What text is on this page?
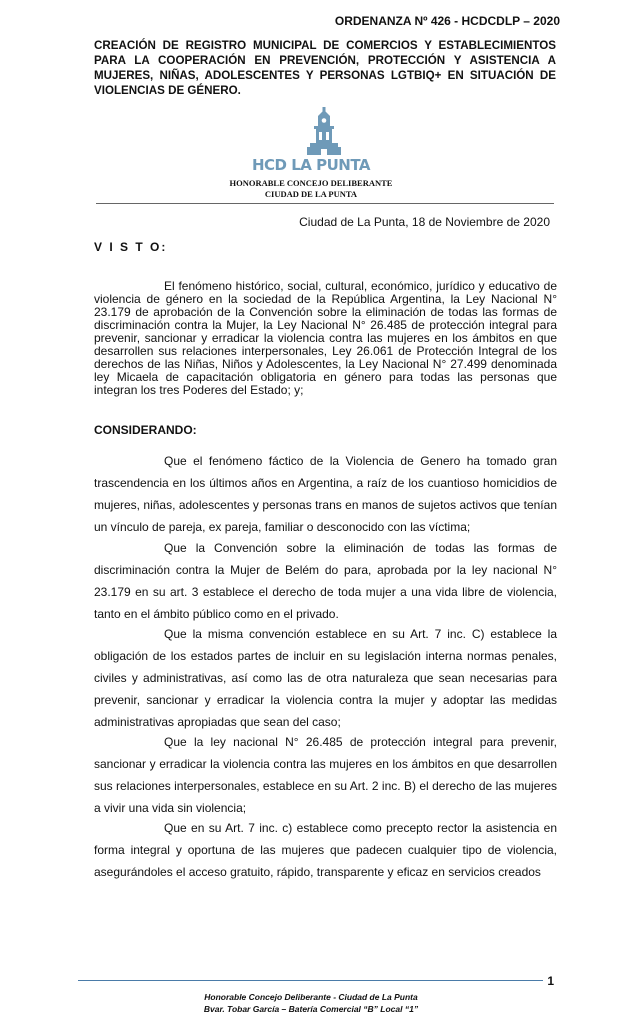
ORDENANZA Nº 426 - HCDCDLP – 2020
CREACIÓN DE REGISTRO MUNICIPAL DE COMERCIOS Y ESTABLECIMIENTOS PARA LA COOPERACIÓN EN PREVENCIÓN, PROTECCIÓN Y ASISTENCIA A MUJERES, NIÑAS, ADOLESCENTES Y PERSONAS LGTBIQ+ EN SITUACIÓN DE VIOLENCIAS DE GÉNERO.
HCD LA PUNTA
HONORABLE CONCEJO DELIBERANTE
CIUDAD DE LA PUNTA
Ciudad de La Punta, 18 de Noviembre de 2020
V I S T O:

El fenómeno histórico, social, cultural, económico, jurídico y educativo de violencia de género en la sociedad de la República Argentina, la Ley Nacional N° 23.179 de aprobación de la Convención sobre la eliminación de todas las formas de discriminación contra la Mujer, la Ley Nacional N° 26.485 de protección integral para prevenir, sancionar y erradicar la violencia contra las mujeres en los ámbitos en que desarrollen sus relaciones interpersonales, Ley 26.061 de Protección Integral de los derechos de las Niñas, Niños y Adolescentes, la Ley Nacional N° 27.499 denominada ley Micaela de capacitación obligatoria en género para todas las personas que integran los tres Poderes del Estado; y;

CONSIDERANDO:

Que el fenómeno fáctico de la Violencia de Genero ha tomado gran trascendencia en los últimos años en Argentina, a raíz de los cuantioso homicidios de mujeres, niñas, adolescentes y personas trans en manos de sujetos activos que tenían un vínculo de pareja, ex pareja, familiar o desconocido con las víctima;

Que la Convención sobre la eliminación de todas las formas de discriminación contra la Mujer de Belém do para, aprobada por la ley nacional N° 23.179 en su art. 3 establece el derecho de toda mujer a una vida libre de violencia, tanto en el ámbito público como en el privado.

Que la misma convención establece en su Art. 7 inc. C) establece la obligación de los estados partes de incluir en su legislación interna normas penales, civiles y administrativas, así como las de otra naturaleza que sean necesarias para prevenir, sancionar y erradicar la violencia contra la mujer y adoptar las medidas administrativas apropiadas que sean del caso;

Que la ley nacional N° 26.485 de protección integral para prevenir, sancionar y erradicar la violencia contra las mujeres en los ámbitos en que desarrollen sus relaciones interpersonales, establece en su Art. 2 inc. B) el derecho de las mujeres a vivir una vida sin violencia;

Que en su Art. 7 inc. c) establece como precepto rector la asistencia en forma integral y oportuna de las mujeres que padecen cualquier tipo de violencia, asegurándoles el acceso gratuito, rápido, transparente y eficaz en servicios creados

1
Honorable Concejo Deliberante - Ciudad de La Punta
Bvar. Tobar García – Batería Comercial “B” Local “1”
